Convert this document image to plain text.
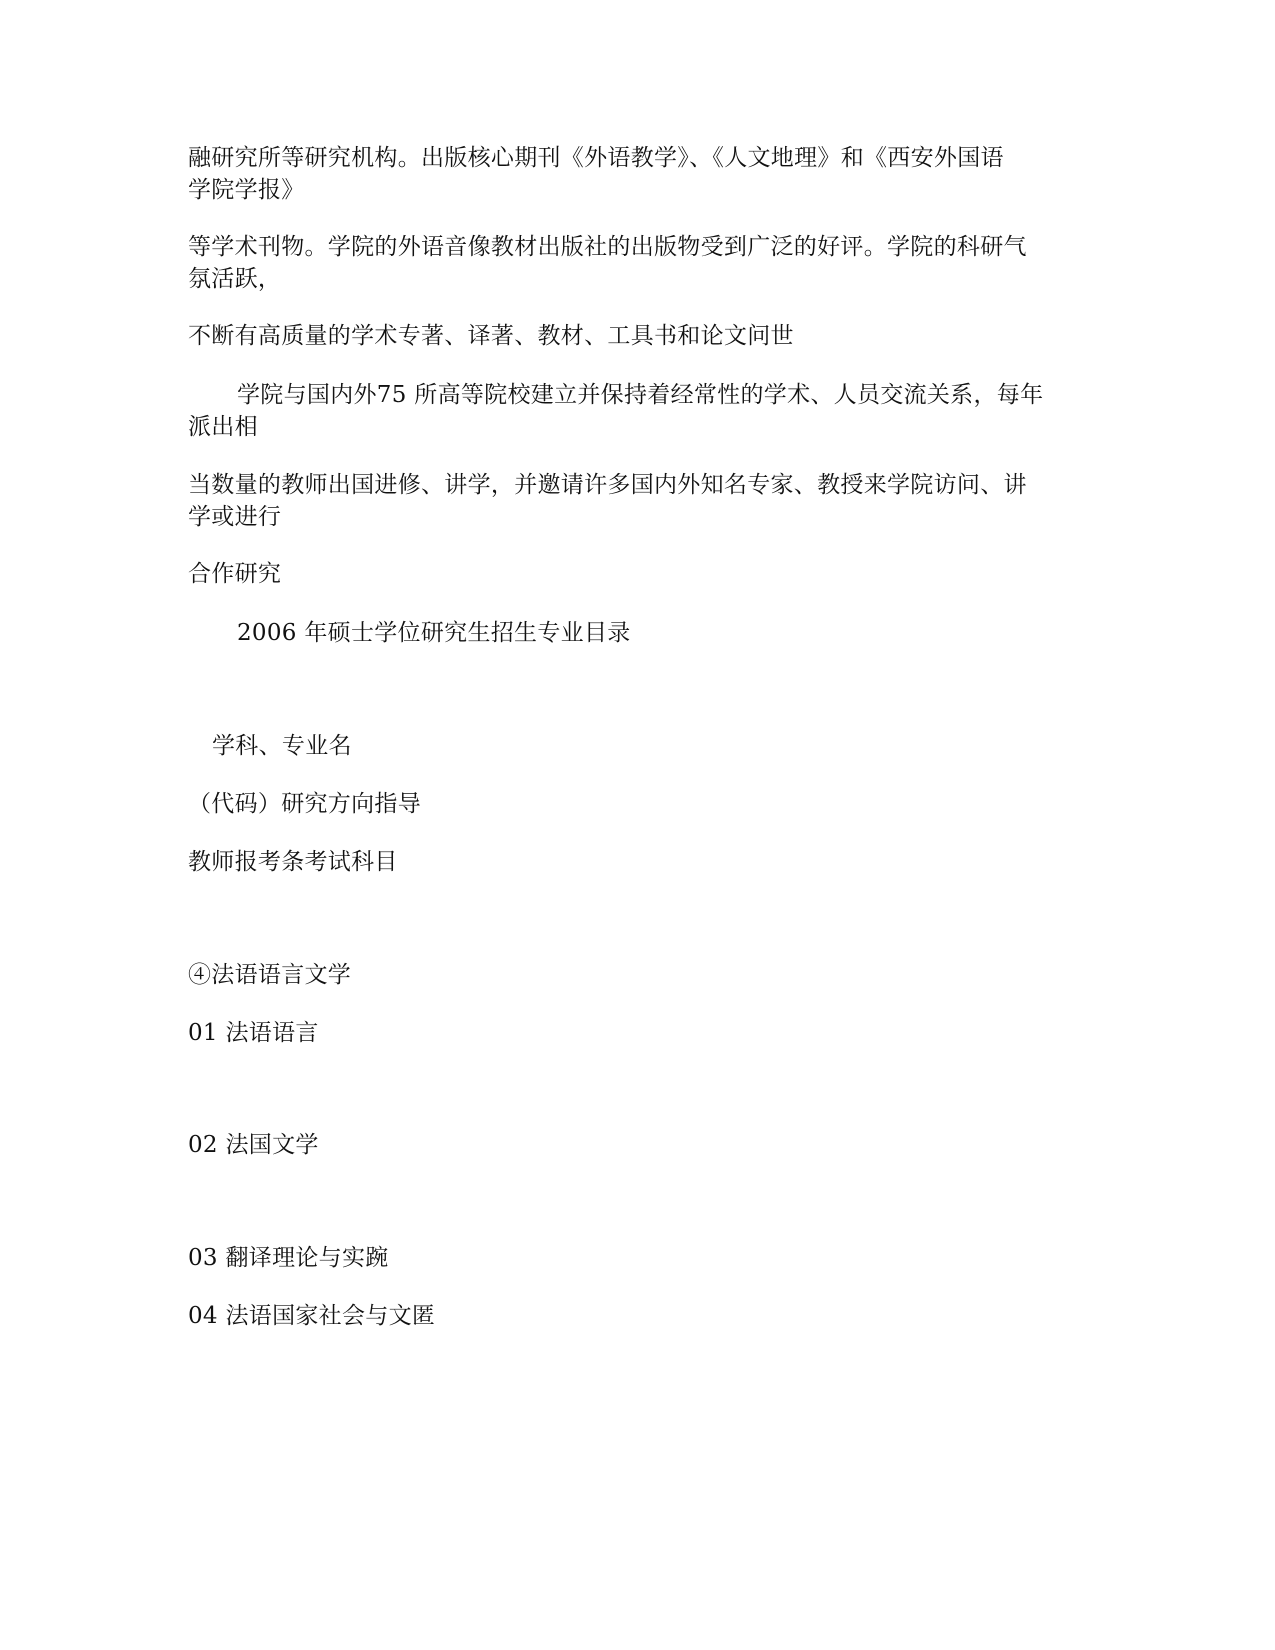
融研究所等研究机构。出版核心期刊《外语教学》、《人文地理》和《西安外国语
学院学报》
等学术刊物。学院的外语音像教材出版社的出版物受到广泛的好评。学院的科研气
氛活跃，
不断有高质量的学术专著、译著、教材、工具书和论文问世
学院与国内外75 所高等院校建立并保持着经常性的学术、人员交流关系，每年
派出相
当数量的教师出国进修、讲学，并邀请许多国内外知名专家、教授来学院访问、讲
学或进行
合作研究
2006 年硕士学位研究生招生专业目录
学科、专业名
（代码）研究方向指导
教师报考条考试科目
④法语语言文学
01 法语语言
02 法国文学
03 翻译理论与实踠
04 法语国家社会与文匿
